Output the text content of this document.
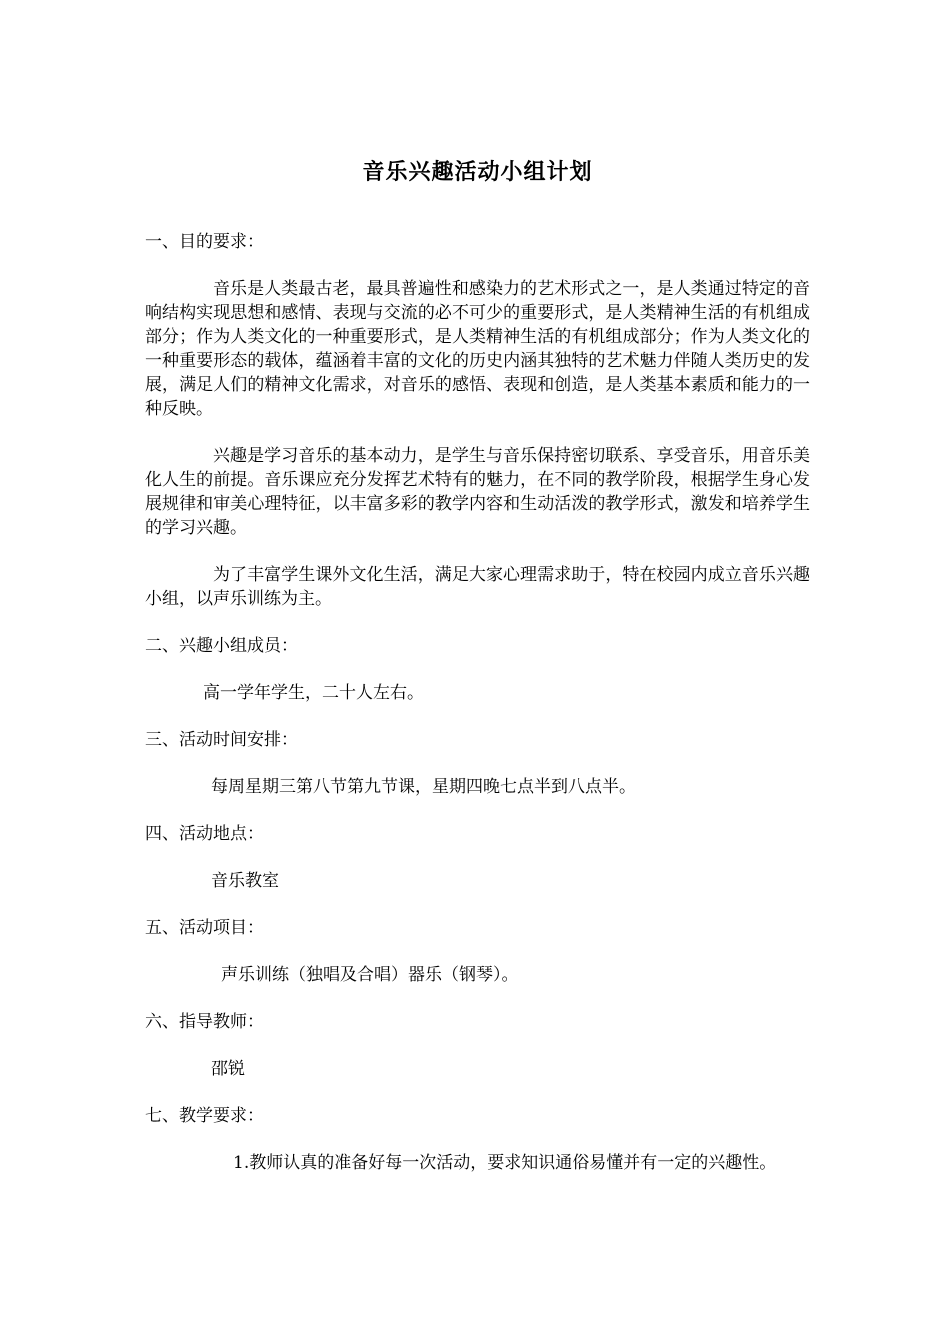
音乐兴趣活动小组计划
一、目的要求：

音乐是人类最古老，最具普遍性和感染力的艺术形式之一，是人类通过特定的音响结构实现思想和感情、表现与交流的必不可少的重要形式，是人类精神生活的有机组成部分；作为人类文化的一种重要形式，是人类精神生活的有机组成部分；作为人类文化的一种重要形态的载体，蕴涵着丰富的文化的历史内涵其独特的艺术魅力伴随人类历史的发展，满足人们的精神文化需求，对音乐的感悟、表现和创造，是人类基本素质和能力的一种反映。

兴趣是学习音乐的基本动力，是学生与音乐保持密切联系、享受音乐，用音乐美化人生的前提。音乐课应充分发挥艺术特有的魅力，在不同的教学阶段，根据学生身心发展规律和审美心理特征，以丰富多彩的教学内容和生动活泼的教学形式，激发和培养学生的学习兴趣。

为了丰富学生课外文化生活，满足大家心理需求助于，特在校园内成立音乐兴趣小组，以声乐训练为主。

二、兴趣小组成员：
高一学年学生，二十人左右。
三、活动时间安排：
每周星期三第八节第九节课，星期四晚七点半到八点半。
四、活动地点：
音乐教室
五、活动项目：
声乐训练（独唱及合唱）器乐（钢琴）。
六、指导教师：
邵锐
七、教学要求：

1.教师认真的准备好每一次活动，要求知识通俗易懂并有一定的兴趣性。
